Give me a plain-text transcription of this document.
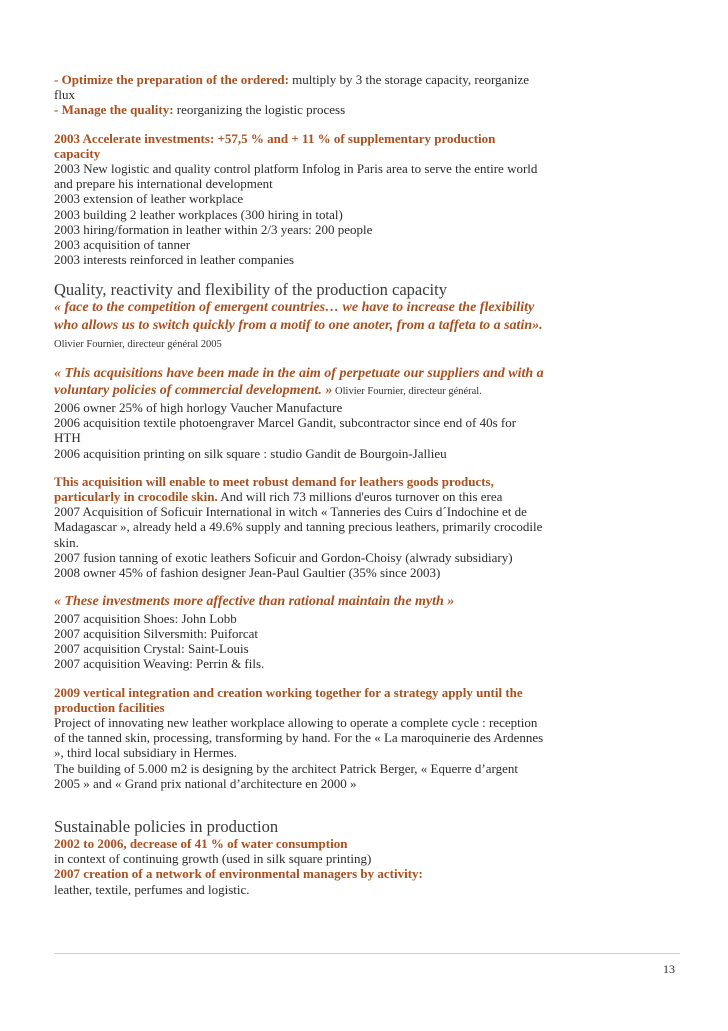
- Optimize the preparation of the ordered: multiply by 3 the storage capacity, reorganize flux

- Manage the quality: reorganizing the logistic process

2003 Accelerate investments: +57,5 % and + 11 % of supplementary production capacity

2003 New logistic and quality control platform Infolog in Paris area to serve the entire world and prepare his international development

2003 extension of leather workplace

2003 building 2 leather workplaces (300 hiring in total)

2003 hiring/formation in leather within 2/3 years: 200 people

2003 acquisition of tanner

2003 interests reinforced in leather companies

Quality, reactivity and flexibility of the production capacity

« face to the competition of emergent countries… we have to increase the flexibility who allows us to switch quickly from a motif to one anoter, from a taffeta to a satin». Olivier Fournier, directeur général 2005

« This acquisitions have been made in the aim of perpetuate our suppliers and with a voluntary policies of commercial development. » Olivier Fournier, directeur général.

2006 owner 25% of high horlogy Vaucher Manufacture

2006 acquisition textile photoengraver Marcel Gandit, subcontractor since end of 40s for HTH

2006 acquisition printing on silk square : studio Gandit de Bourgoin-Jallieu

This acquisition will enable to meet robust demand for leathers goods products, particularly in crocodile skin. And will rich 73 millions d'euros turnover on this erea

2007 Acquisition of Soficuir International in witch « Tanneries des Cuirs d´Indochine et de Madagascar », already held a 49.6% supply and tanning precious leathers, primarily crocodile skin.

2007 fusion tanning of exotic leathers Soficuir and Gordon-Choisy (alwrady subsidiary)

2008 owner 45% of fashion designer Jean-Paul Gaultier (35% since 2003)

« These investments more affective than rational maintain the myth »

2007 acquisition Shoes: John Lobb

2007 acquisition Silversmith: Puiforcat

2007 acquisition Crystal: Saint-Louis

2007 acquisition Weaving: Perrin & fils.

2009 vertical integration and creation working together for a strategy apply until the production facilities

Project of innovating new leather workplace allowing to operate a complete cycle : reception of the tanned skin, processing, transforming by hand. For the « La maroquinerie des Ardennes », third local subsidiary in Hermes.

The building of 5.000 m2 is designing by the architect Patrick Berger, « Equerre d’argent 2005 » and « Grand prix national d’architecture en 2000 »

Sustainable policies in production

2002 to 2006, decrease of 41 % of water consumption

in context of continuing growth (used in silk square printing)

2007 creation of a network of environmental managers by activity:

leather, textile, perfumes and logistic.

13
